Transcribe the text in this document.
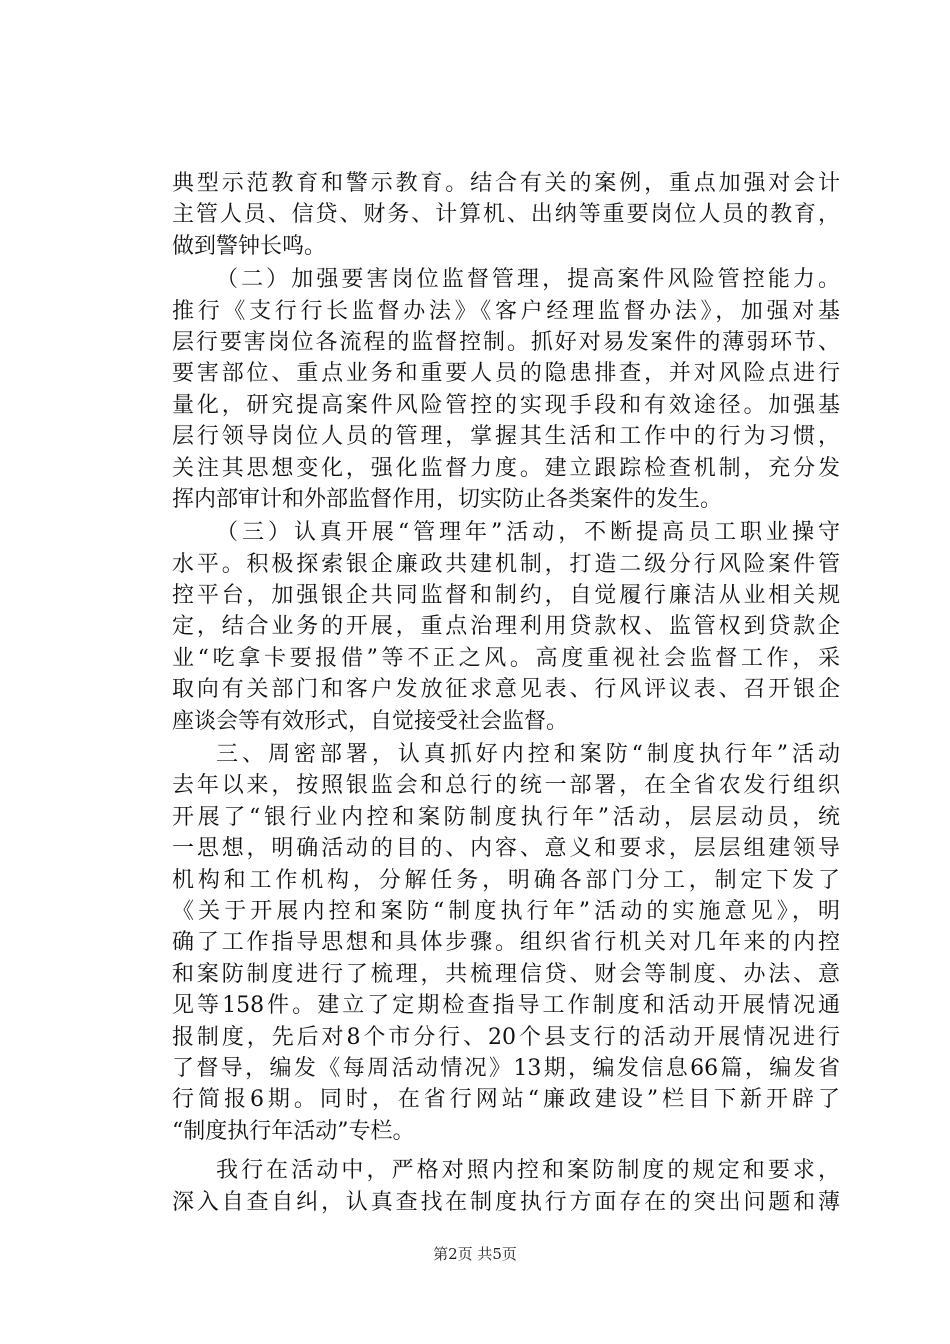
典型示范教育和警示教育。结合有关的案例，重点加强对会计
主管人员、信贷、财务、计算机、出纳等重要岗位人员的教育，
做到警钟长鸣。
（二）加强要害岗位监督管理，提高案件风险管控能力。
推行《支行行长监督办法》《客户经理监督办法》，加强对基
层行要害岗位各流程的监督控制。抓好对易发案件的薄弱环节、
要害部位、重点业务和重要人员的隐患排查，并对风险点进行
量化，研究提高案件风险管控的实现手段和有效途径。加强基
层行领导岗位人员的管理，掌握其生活和工作中的行为习惯，
关注其思想变化，强化监督力度。建立跟踪检查机制，充分发
挥内部审计和外部监督作用，切实防止各类案件的发生。
（三）认真开展“管理年”活动，不断提高员工职业操守
水平。积极探索银企廉政共建机制，打造二级分行风险案件管
控平台，加强银企共同监督和制约，自觉履行廉洁从业相关规
定，结合业务的开展，重点治理利用贷款权、监管权到贷款企
业“吃拿卡要报借”等不正之风。高度重视社会监督工作，采
取向有关部门和客户发放征求意见表、行风评议表、召开银企
座谈会等有效形式，自觉接受社会监督。
三、周密部署，认真抓好内控和案防“制度执行年”活动
去年以来，按照银监会和总行的统一部署，在全省农发行组织
开展了“银行业内控和案防制度执行年”活动，层层动员，统
一思想，明确活动的目的、内容、意义和要求，层层组建领导
机构和工作机构，分解任务，明确各部门分工，制定下发了
《关于开展内控和案防“制度执行年”活动的实施意见》，明
确了工作指导思想和具体步骤。组织省行机关对几年来的内控
和案防制度进行了梳理，共梳理信贷、财会等制度、办法、意
见等158件。建立了定期检查指导工作制度和活动开展情况通
报制度，先后对8个市分行、20个县支行的活动开展情况进行
了督导，编发《每周活动情况》13期，编发信息66篇，编发省
行简报6期。同时，在省行网站“廉政建设”栏目下新开辟了
“制度执行年活动”专栏。
我行在活动中，严格对照内控和案防制度的规定和要求，
深入自查自纠，认真查找在制度执行方面存在的突出问题和薄
第2页 共5页
